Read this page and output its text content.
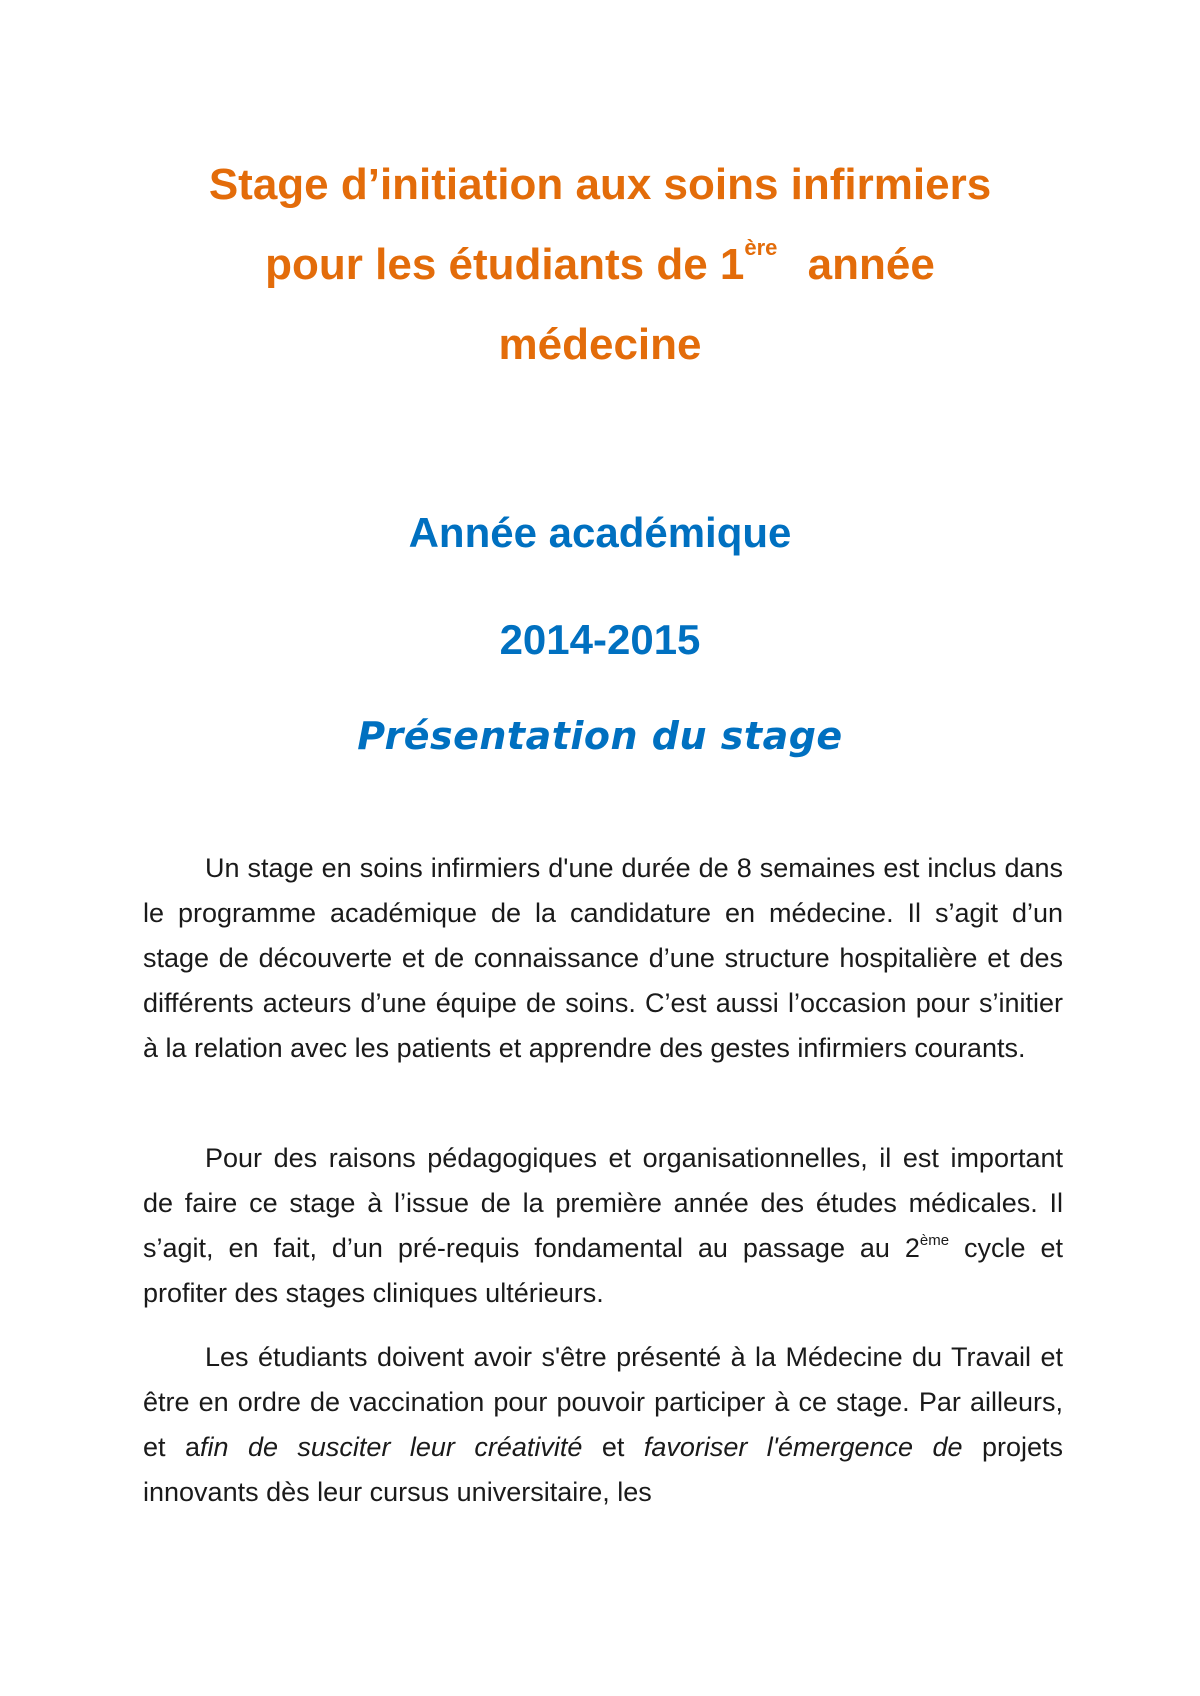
Stage d’initiation aux soins infirmiers
pour les étudiants de 1ère année
médecine
Année académique
2014-2015
Présentation du stage

Un stage en soins infirmiers d'une durée de 8 semaines est inclus dans le programme académique de la candidature en médecine. Il s’agit d’un stage de découverte et de connaissance d’une structure hospitalière et des différents acteurs d’une équipe de soins. C’est aussi l’occasion pour s’initier à la relation avec les patients et apprendre des gestes infirmiers courants.

Pour des raisons pédagogiques et organisationnelles, il est important de faire ce stage à l’issue de la première année des études médicales. Il s’agit, en fait, d’un pré-requis fondamental au passage au 2ème cycle et profiter des stages cliniques ultérieurs.

Les étudiants doivent avoir s'être présenté à la Médecine du Travail et être en ordre de vaccination pour pouvoir participer à ce stage. Par ailleurs, et afin de susciter leur créativité et favoriser l'émergence de projets innovants dès leur cursus universitaire, les
